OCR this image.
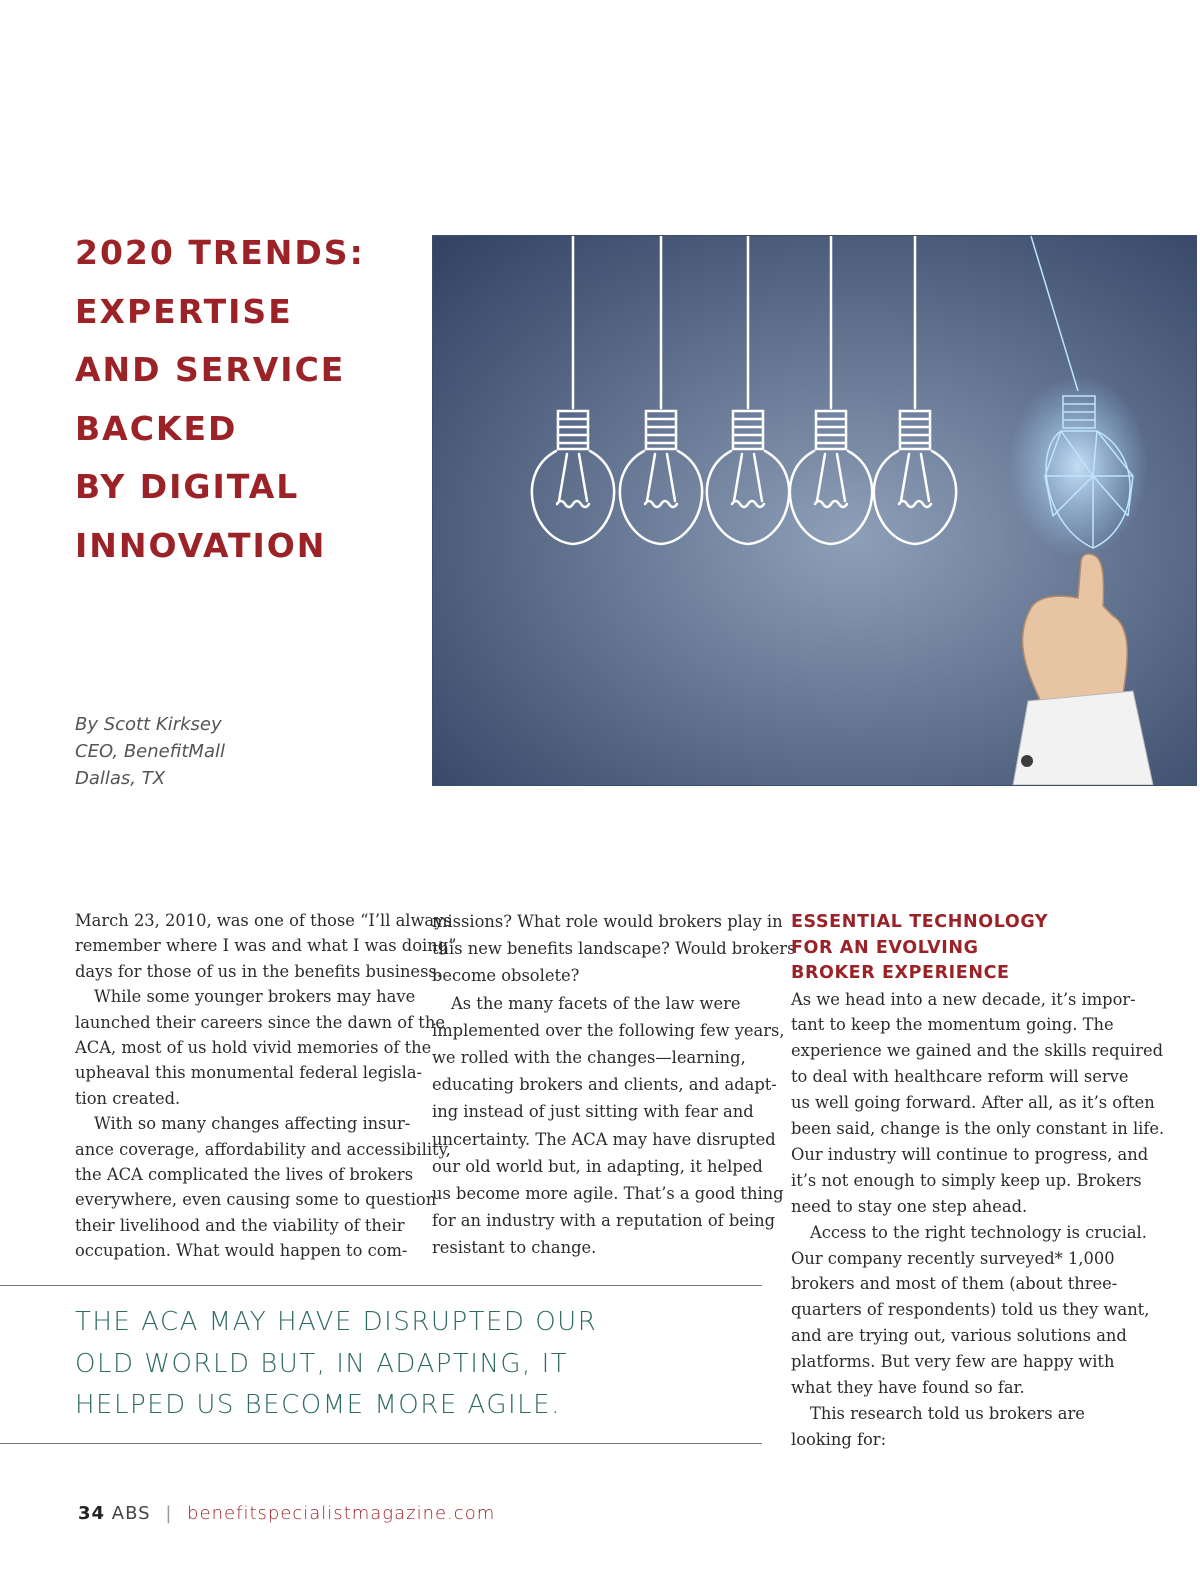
2020 TRENDS:
EXPERTISE
AND SERVICE
BACKED
BY DIGITAL
INNOVATION
By Scott Kirksey
CEO, BenefitMall
Dallas, TX

March 23, 2010, was one of those “I’ll always

remember where I was and what I was doing”

days for those of us in the benefits business.

While some younger brokers may have

launched their careers since the dawn of the

ACA, most of us hold vivid memories of the

upheaval this monumental federal legisla-

tion created.

With so many changes affecting insur-

ance coverage, affordability and accessibility,

the ACA complicated the lives of brokers

everywhere, even causing some to question

their livelihood and the viability of their

occupation. What would happen to com-

missions? What role would brokers play in

this new benefits landscape? Would brokers

become obsolete?

As the many facets of the law were

implemented over the following few years,

we rolled with the changes—learning,

educating brokers and clients, and adapt-

ing instead of just sitting with fear and

uncertainty. The ACA may have disrupted

our old world but, in adapting, it helped

us become more agile. That’s a good thing

for an industry with a reputation of being

resistant to change.

ESSENTIAL TECHNOLOGY
FOR AN EVOLVING
BROKER EXPERIENCE

As we head into a new decade, it’s impor-

tant to keep the momentum going. The

experience we gained and the skills required

to deal with healthcare reform will serve

us well going forward. After all, as it’s often

been said, change is the only constant in life.

Our industry will continue to progress, and

it’s not enough to simply keep up. Brokers

need to stay one step ahead.

Access to the right technology is crucial.

Our company recently surveyed* 1,000

brokers and most of them (about three-

quarters of respondents) told us they want,

and are trying out, various solutions and

platforms. But very few are happy with

what they have found so far.

This research told us brokers are

looking for:

THE ACA MAY HAVE DISRUPTED OUR
OLD WORLD BUT, IN ADAPTING, IT
HELPED US BECOME MORE AGILE.
34 ABS | benefitspecialistmagazine.com
